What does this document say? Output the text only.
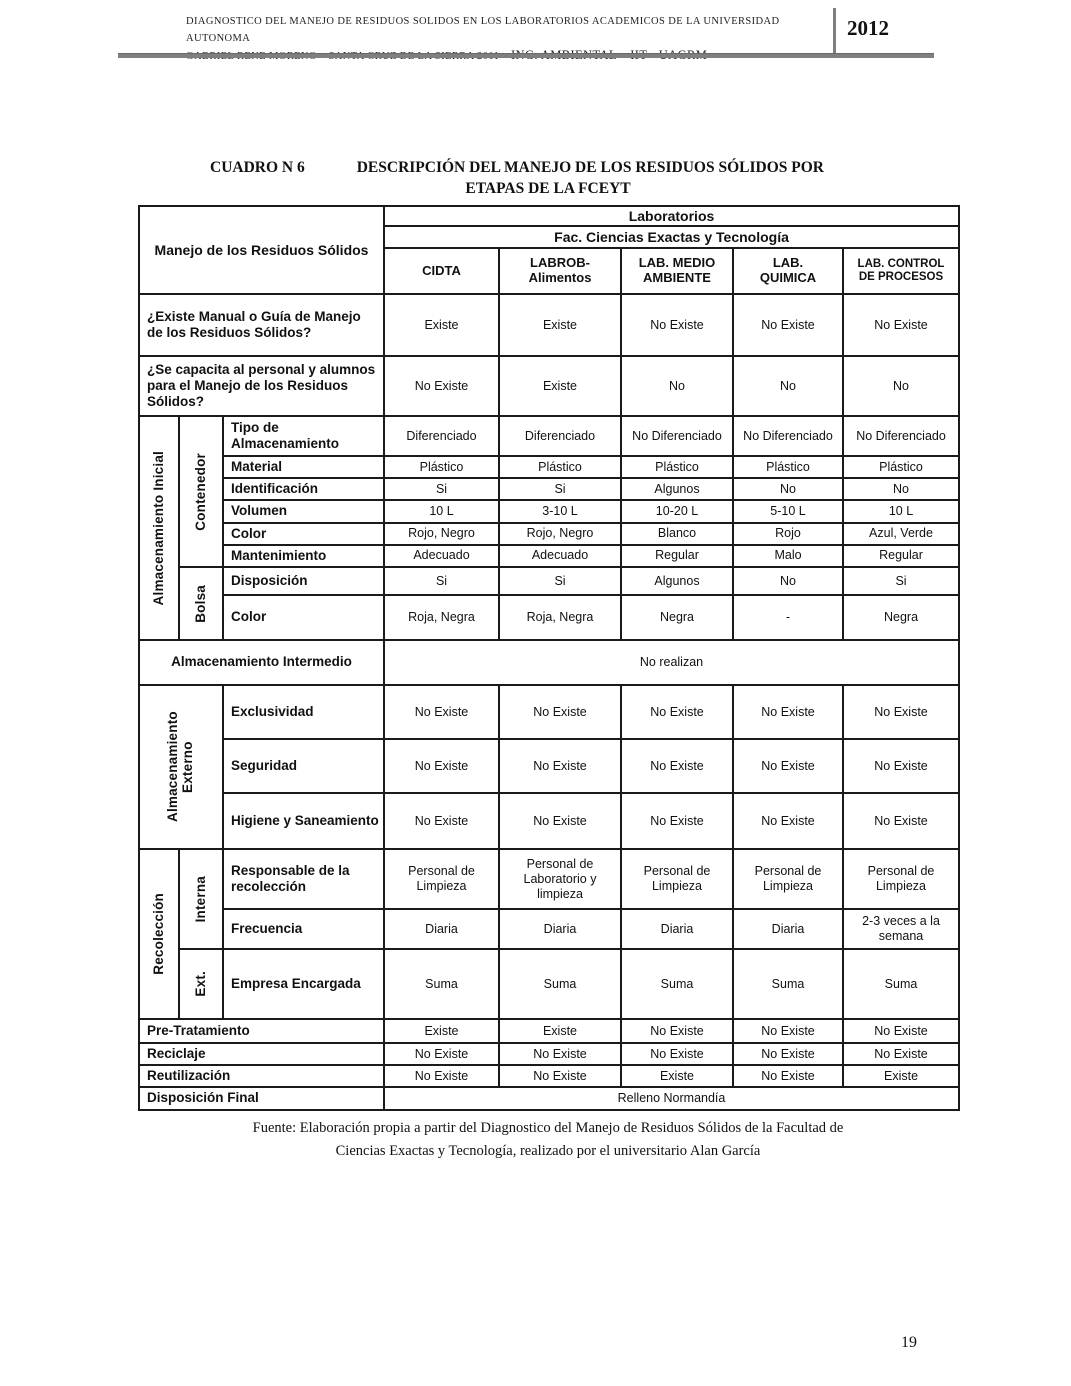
DIAGNOSTICO DEL MANEJO DE RESIDUOS SOLIDOS EN LOS LABORATORIOS ACADEMICOS DE LA UNIVERSIDAD AUTONOMA	2012
CUADRO N 6	DESCRIPCIÓN DEL MANEJO DE LOS RESIDUOS SÓLIDOS POR
ETAPAS DE LA FCEYT
Manejo de los Residuos Sólidos			Laboratorios				
			Fac. Ciencias Exactas y Tecnología				
			CIDTA	LABROB-Alimentos	LAB. MEDIO AMBIENTE	LAB. QUIMICA	LAB. CONTROL DE PROCESOS
¿Existe Manual o Guía de Manejo de los Residuos Sólidos?			Existe	Existe	No Existe	No Existe	No Existe
¿Se capacita al personal y alumnos para el Manejo de los Residuos Sólidos?			No Existe	Existe	No	No	No

Almacenamiento Inicial	Contenedor	Tipo de Almacenamiento	Diferenciado	Diferenciado	No Diferenciado	No Diferenciado	No Diferenciado
		Material	Plástico	Plástico	Plástico	Plástico	Plástico
		Identificación	Si	Si	Algunos	No	No
		Volumen	10 L	3-10 L	10-20 L	5-10 L	10 L
		Color	Rojo, Negro	Rojo, Negro	Blanco	Rojo	Azul, Verde
		Mantenimiento	Adecuado	Adecuado	Regular	Malo	Regular

	Bolsa	Disposición	Si	Si	Algunos	No	Si
		Color	Roja, Negra	Roja, Negra	Negra	-	Negra
Almacenamiento Intermedio			No realizan				

Almacenamiento Externo		Exclusividad	No Existe	No Existe	No Existe	No Existe	No Existe
		Seguridad	No Existe	No Existe	No Existe	No Existe	No Existe
		Higiene y Saneamiento	No Existe	No Existe	No Existe	No Existe	No Existe

Recolección	Interna	Responsable de la recolección	Personal de Limpieza	Personal de Laboratorio y limpieza	Personal de Limpieza	Personal de Limpieza	Personal de Limpieza
		Frecuencia	Diaria	Diaria	Diaria	Diaria	2-3 veces a la semana

	Ext.	Empresa Encargada	Suma	Suma	Suma	Suma	Suma
Pre-Tratamiento			Existe	Existe	No Existe	No Existe	No Existe
Reciclaje			No Existe	No Existe	No Existe	No Existe	No Existe
Reutilización			No Existe	No Existe	Existe	No Existe	Existe
Disposición Final			Relleno Normandía				
Fuente: Elaboración propia a partir del Diagnostico del Manejo de Residuos Sólidos de la Facultad de
Ciencias Exactas y Tecnología, realizado por el universitario Alan García
19
